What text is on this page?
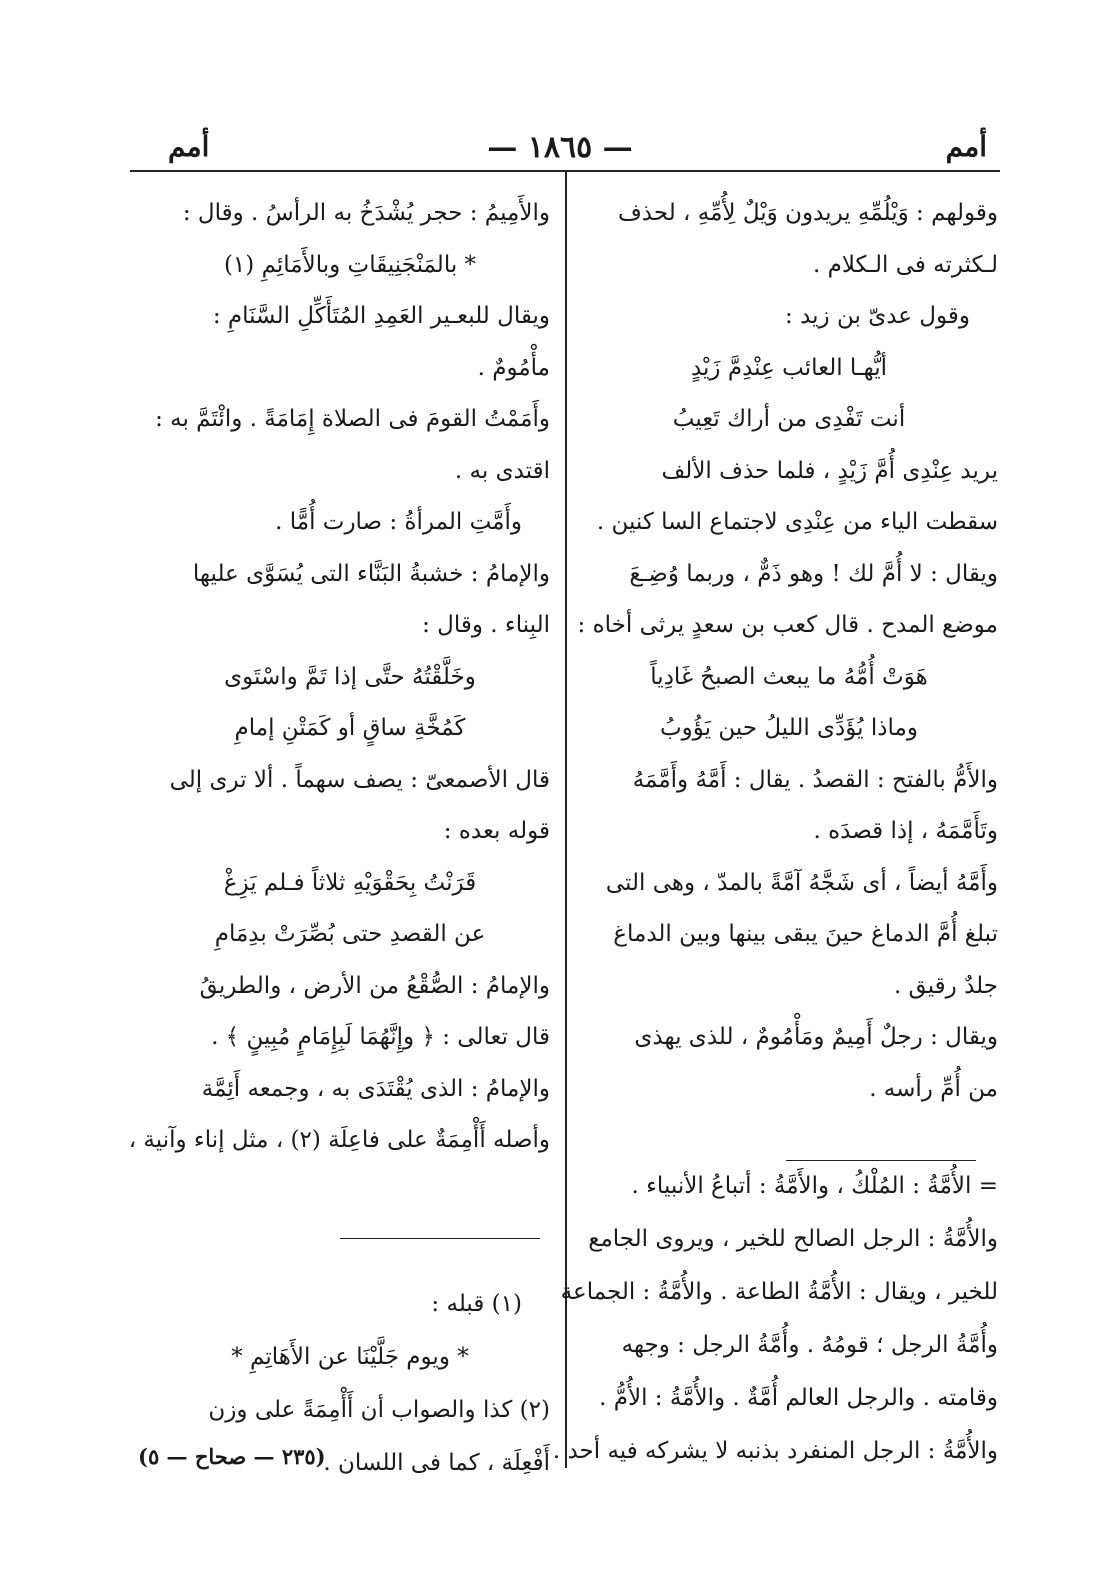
أمم
— ١٨٦٥ —
أمم
وقولهم : وَيْلُمِّهِ يريدون وَيْلٌ لِأُمِّهِ ، لحذف
لـكثرته فى الـكلام .
وقول عدىّ بن زيد :
أيُّهـا العائب عِنْدِمَّ زَيْدٍ
أنت تَفْدِى من أراك تَعِيبُ
يريد عِنْدِى أُمَّ زَيْدٍ ، فلما حذف الألف
سقطت الياء من عِنْدِى لاجتماع السا كنين .
ويقال : لا أُمَّ لك ! وهو ذَمٌّ ، وربما وُضِـعَ
موضع المدح . قال كعب بن سعدٍ يرثى أخاه :
هَوَتْ أُمُّهُ ما يبعث الصبحُ غَادِياً
وماذا يُؤَدِّى الليلُ حين يَؤُوبُ
والأَمُّ بالفتح : القصدُ . يقال : أَمَّهُ وأَمَّمَهُ
وتَأَمَّمَهُ ، إذا قصدَه .
وأَمَّهُ أيضاً ، أى شَجَّهُ آمَّةً بالمدّ ، وهى التى
تبلغ أُمَّ الدماغ حينَ يبقى بينها وبين الدماغ
جلدٌ رقيق .
ويقال : رجلٌ أَمِيمٌ ومَأْمُومٌ ، للذى يهذى
من أُمِّ رأسه .
= الأُمَّةُ : المُلْكُ ، والأَمَّةُ : أتباعُ الأنبياء .
والأُمَّةُ : الرجل الصالح للخير ، ويروى الجامع
للخير ، ويقال : الأُمَّةُ الطاعة . والأُمَّةُ : الجماعة
وأُمَّةُ الرجل ؛ قومُهُ . وأُمَّةُ الرجل : وجهه
وقامته . والرجل العالم أُمَّةٌ . والأُمَّةُ : الأُمُّ .
والأُمَّةُ : الرجل المنفرد بذنبه لا يشركه فيه أحد .
والأَمِيمُ : حجر يُشْدَخُ به الرأسُ . وقال :
* بالمَنْجَنِيقَاتِ وبالأَمَائِمِ (١)
ويقال للبعـير العَمِدِ المُتَأَكِّلِ السَّنَامِ :
مأْمُومٌ .
وأَمَمْتُ القومَ فى الصلاة إِمَامَةً . وائْتَمَّ به :
اقتدى به .
وأَمَّتِ المرأةُ : صارت أُمًّا .
والإمامُ : خشبةُ البَنَّاء التى يُسَوَّى عليها
البِناء . وقال :
وخَلَّقْتُهُ حتَّى إذا تَمَّ واسْتَوى
كَمُخَّةِ ساقٍ أو كَمَتْنِ إمامِ
قال الأصمعىّ : يصف سهماً . ألا ترى إلى
قوله بعده :
قَرَنْتُ بِحَقْوَيْهِ ثلاثاً فـلم يَزِغْ
عن القصدِ حتى بُصِّرَتْ بدِمَامِ
والإمامُ : الصُّقْعُ من الأرض ، والطريقُ
قال تعالى : ﴿ وإِنَّهُمَا لَبِإِمَامٍ مُبِينٍ ﴾ .
والإمامُ : الذى يُقْتَدَى به ، وجمعه أَئِمَّة
وأصله أَأْمِمَةٌ على فاعِلَة (٢) ، مثل إناء وآنية ،
(١) قبله :
* ويوم جَلَّيْنَا عن الأَهَاتِمِ *
(٢) كذا والصواب أن أَأْمِمَةً على وزن
أَفْعِلَة ، كما فى اللسان .
(٢٣٥ — صحاح — ٥)
